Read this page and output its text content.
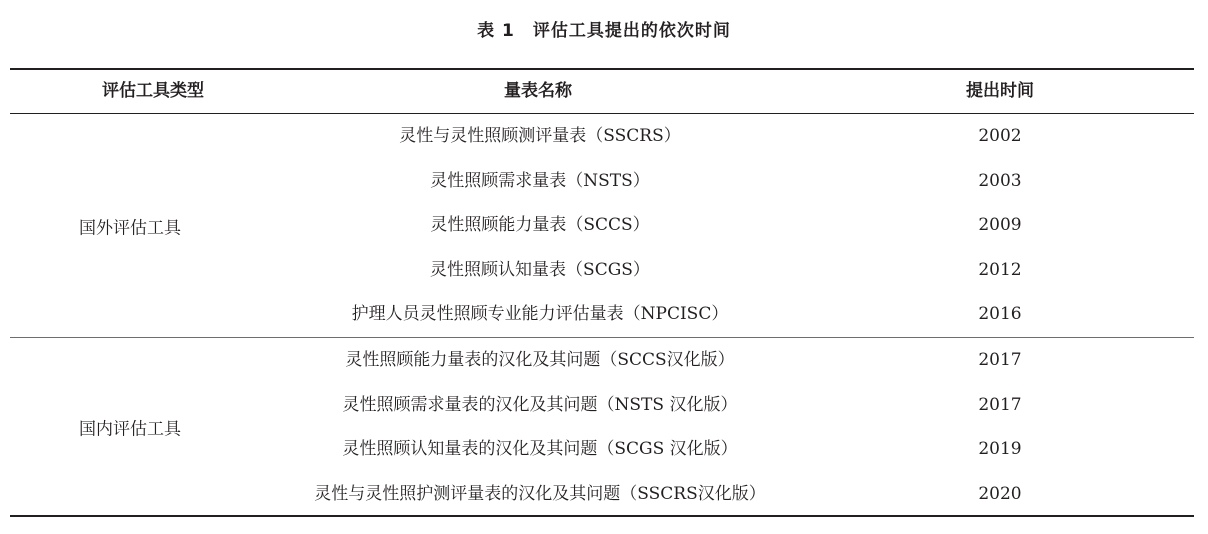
表 1　评估工具提出的依次时间
评估工具类型	量表名称	提出时间
国外评估工具
灵性与灵性照顾测评量表（SSCRS）	2002
灵性照顾需求量表（NSTS）	2003
灵性照顾能力量表（SCCS）	2009
灵性照顾认知量表（SCGS）	2012
护理人员灵性照顾专业能力评估量表（NPCISC）	2016
国内评估工具
灵性照顾能力量表的汉化及其问题（SCCS汉化版）	2017
灵性照顾需求量表的汉化及其问题（NSTS 汉化版）	2017
灵性照顾认知量表的汉化及其问题（SCGS 汉化版）	2019
灵性与灵性照护测评量表的汉化及其问题（SSCRS汉化版）	2020
